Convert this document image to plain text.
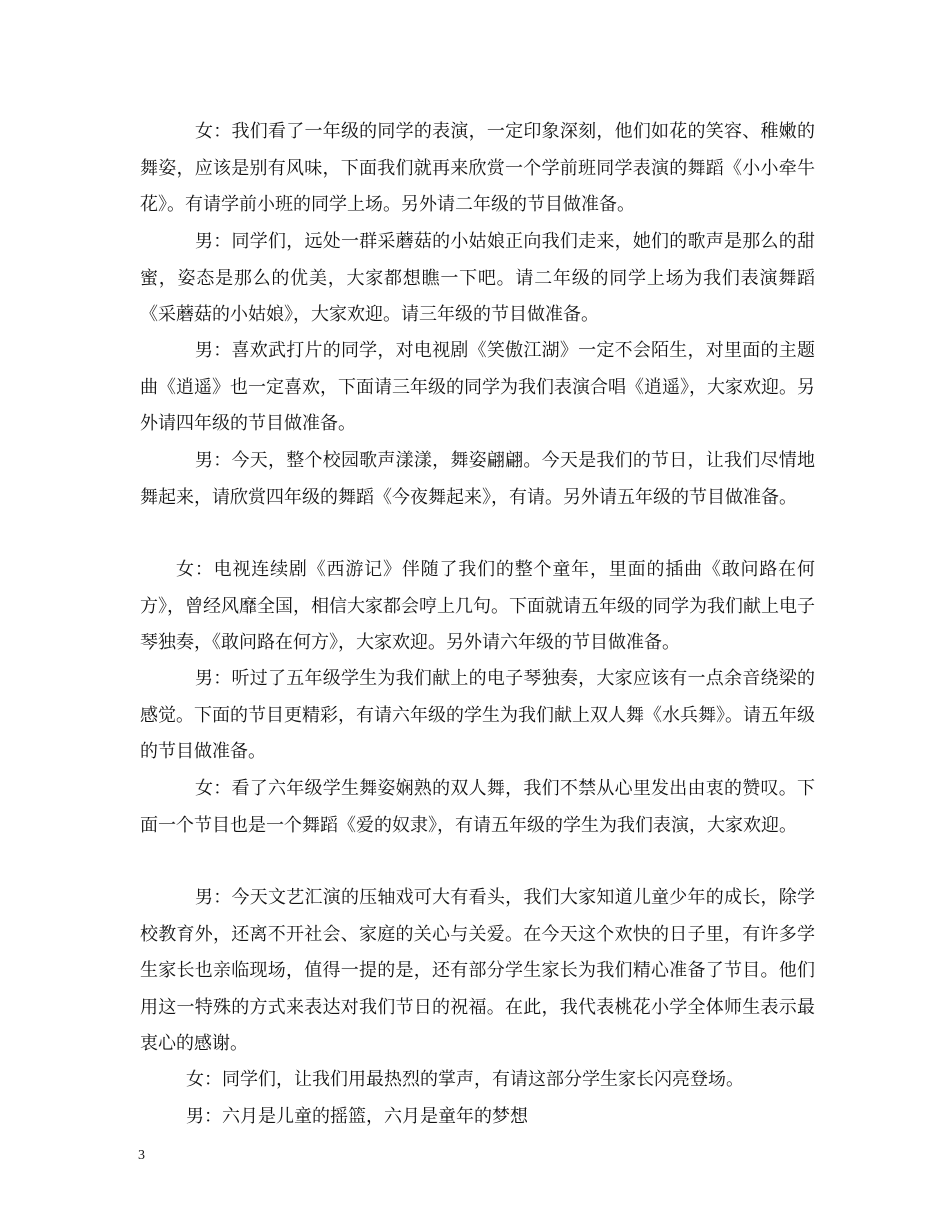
女：我们看了一年级的同学的表演，一定印象深刻，他们如花的笑容、稚嫩的舞姿，应该是别有风味，下面我们就再来欣赏一个学前班同学表演的舞蹈《小小牵牛花》。有请学前小班的同学上场。另外请二年级的节目做准备。

男：同学们，远处一群采蘑菇的小姑娘正向我们走来，她们的歌声是那么的甜蜜，姿态是那么的优美，大家都想瞧一下吧。请二年级的同学上场为我们表演舞蹈《采蘑菇的小姑娘》，大家欢迎。请三年级的节目做准备。

男：喜欢武打片的同学，对电视剧《笑傲江湖》一定不会陌生，对里面的主题曲《逍遥》也一定喜欢，下面请三年级的同学为我们表演合唱《逍遥》，大家欢迎。另外请四年级的节目做准备。

男：今天，整个校园歌声漾漾，舞姿翩翩。今天是我们的节日，让我们尽情地舞起来，请欣赏四年级的舞蹈《今夜舞起来》，有请。另外请五年级的节目做准备。

女：电视连续剧《西游记》伴随了我们的整个童年，里面的插曲《敢问路在何方》，曾经风靡全国，相信大家都会哼上几句。下面就请五年级的同学为我们献上电子琴独奏，《敢问路在何方》，大家欢迎。另外请六年级的节目做准备。

男：听过了五年级学生为我们献上的电子琴独奏，大家应该有一点余音绕梁的感觉。下面的节目更精彩，有请六年级的学生为我们献上双人舞《水兵舞》。请五年级的节目做准备。

女：看了六年级学生舞姿娴熟的双人舞，我们不禁从心里发出由衷的赞叹。下面一个节目也是一个舞蹈《爱的奴隶》，有请五年级的学生为我们表演，大家欢迎。

男：今天文艺汇演的压轴戏可大有看头，我们大家知道儿童少年的成长，除学校教育外，还离不开社会、家庭的关心与关爱。在今天这个欢快的日子里，有许多学生家长也亲临现场，值得一提的是，还有部分学生家长为我们精心准备了节目。他们用这一特殊的方式来表达对我们节日的祝福。在此，我代表桃花小学全体师生表示最衷心的感谢。

女：同学们，让我们用最热烈的掌声，有请这部分学生家长闪亮登场。

男：六月是儿童的摇篮，六月是童年的梦想

3
